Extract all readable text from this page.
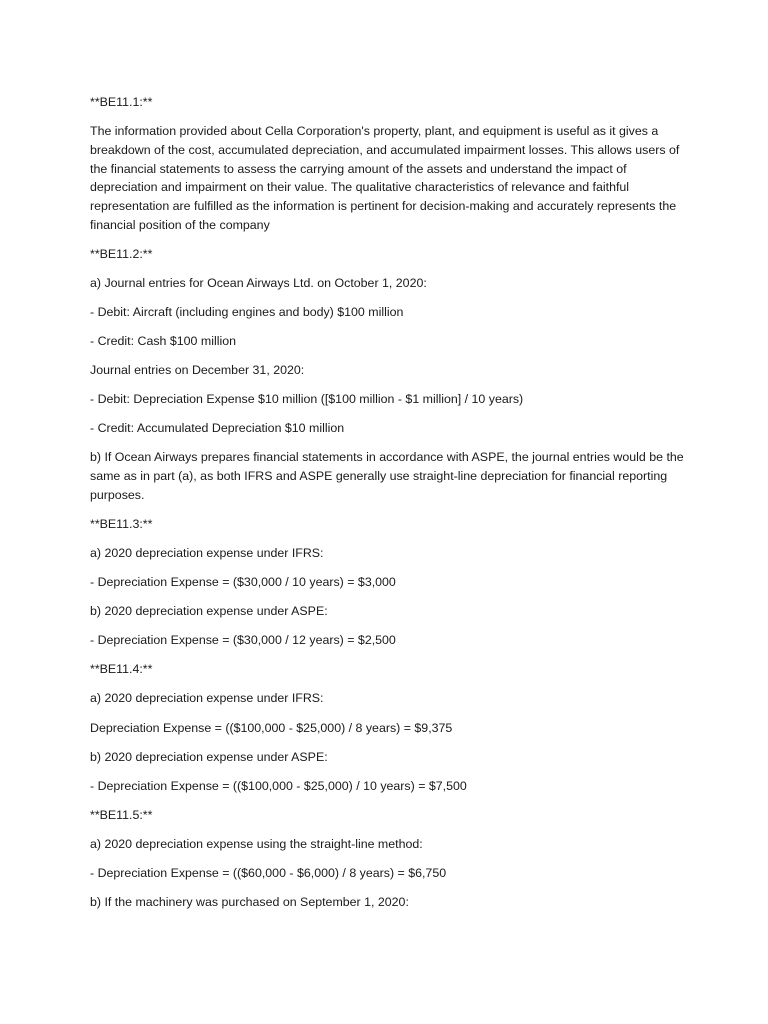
**BE11.1:**

The information provided about Cella Corporation's property, plant, and equipment is useful as it gives a breakdown of the cost, accumulated depreciation, and accumulated impairment losses. This allows users of the financial statements to assess the carrying amount of the assets and understand the impact of depreciation and impairment on their value. The qualitative characteristics of relevance and faithful representation are fulfilled as the information is pertinent for decision-making and accurately represents the financial position of the company

**BE11.2:**

a) Journal entries for Ocean Airways Ltd. on October 1, 2020:

- Debit: Aircraft (including engines and body) $100 million

- Credit: Cash $100 million

Journal entries on December 31, 2020:

- Debit: Depreciation Expense $10 million ([$100 million - $1 million] / 10 years)

- Credit: Accumulated Depreciation $10 million

b) If Ocean Airways prepares financial statements in accordance with ASPE, the journal entries would be the same as in part (a), as both IFRS and ASPE generally use straight-line depreciation for financial reporting purposes.

**BE11.3:**

a) 2020 depreciation expense under IFRS:

- Depreciation Expense = ($30,000 / 10 years) = $3,000

b) 2020 depreciation expense under ASPE:

- Depreciation Expense = ($30,000 / 12 years) = $2,500

**BE11.4:**

a) 2020 depreciation expense under IFRS:

Depreciation Expense = (($100,000 - $25,000) / 8 years) = $9,375

b) 2020 depreciation expense under ASPE:

- Depreciation Expense = (($100,000 - $25,000) / 10 years) = $7,500

**BE11.5:**

a) 2020 depreciation expense using the straight-line method:

- Depreciation Expense = (($60,000 - $6,000) / 8 years) = $6,750

b) If the machinery was purchased on September 1, 2020:
